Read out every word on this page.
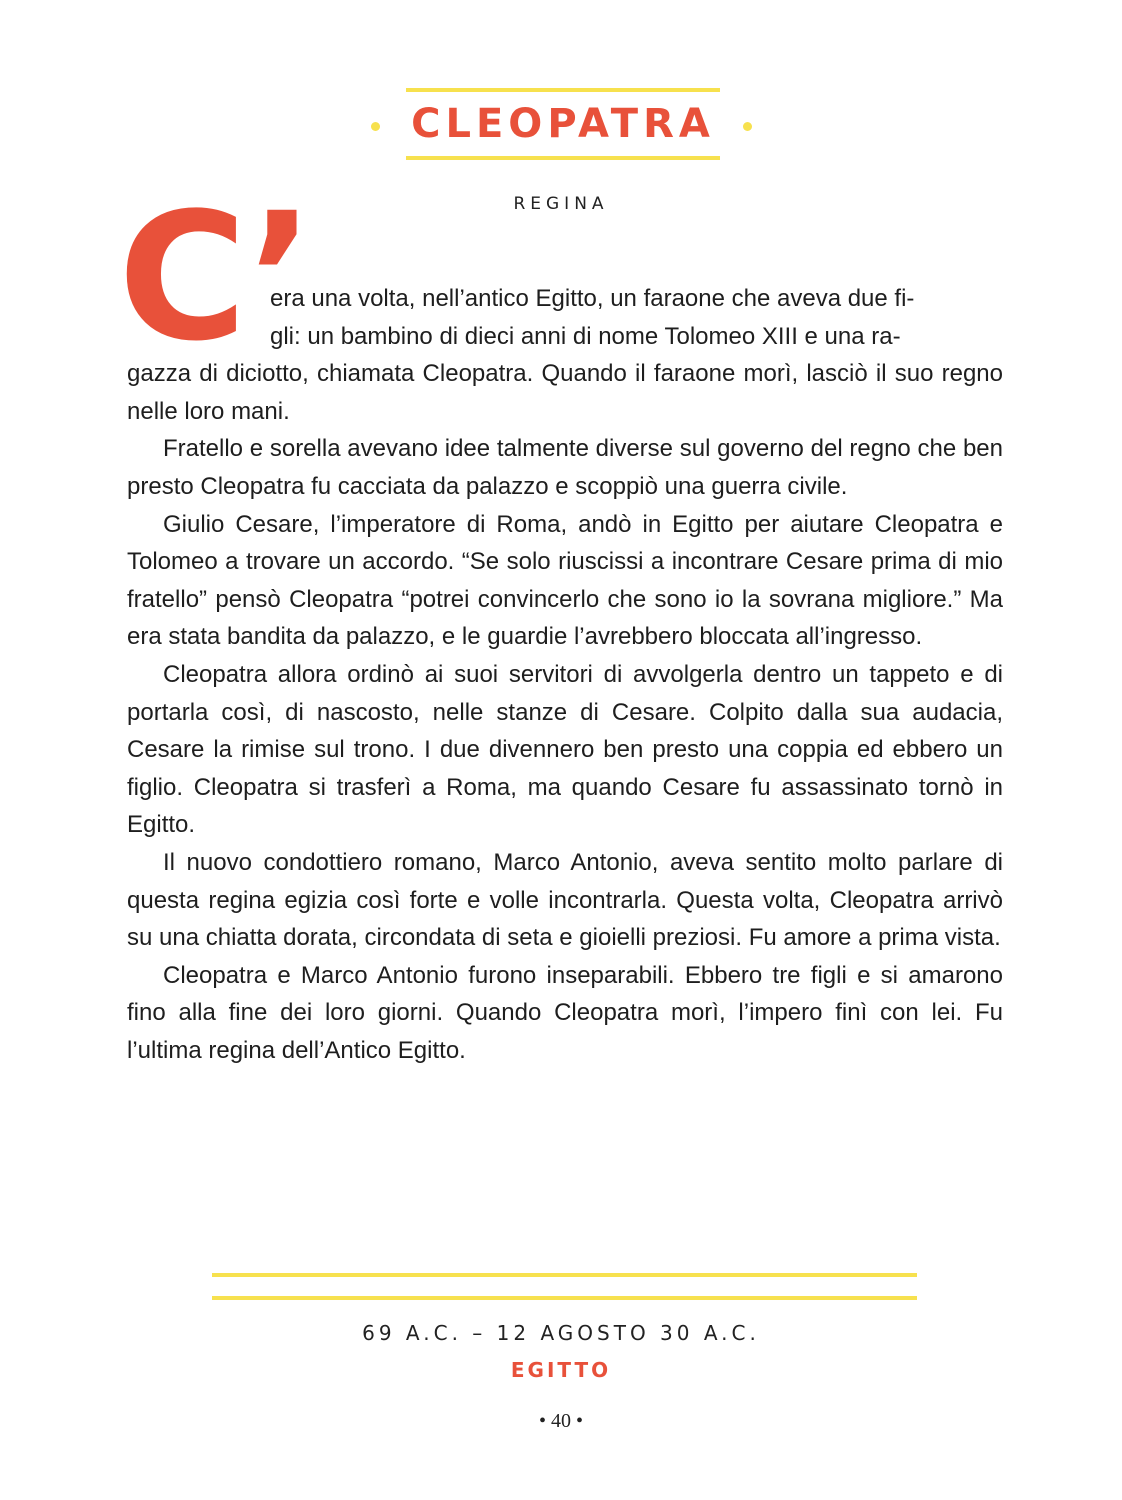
CLEOPATRA
REGINA
C’

era una volta, nell’antico Egitto, un faraone che aveva due fi-
gli: un bambino di dieci anni di nome Tolomeo XIII e una ra-
gazza di diciotto, chiamata Cleopatra. Quando il faraone morì, lasciò il suo regno nelle loro mani.

Fratello e sorella avevano idee talmente diverse sul governo del regno che ben presto Cleopatra fu cacciata da palazzo e scoppiò una guerra civile.

Giulio Cesare, l’imperatore di Roma, andò in Egitto per aiutare Cleopatra e Tolomeo a trovare un accordo. “Se solo riuscissi a incontrare Cesare prima di mio fratello” pensò Cleopatra “potrei convincerlo che sono io la sovrana migliore.” Ma era stata bandita da palazzo, e le guardie l’avrebbero bloccata all’ingresso.

Cleopatra allora ordinò ai suoi servitori di avvolgerla dentro un tappeto e di portarla così, di nascosto, nelle stanze di Cesare. Colpito dalla sua audacia, Cesare la rimise sul trono. I due divennero ben presto una coppia ed ebbero un figlio. Cleopatra si trasferì a Roma, ma quando Cesare fu assassinato tornò in Egitto.

Il nuovo condottiero romano, Marco Antonio, aveva sentito molto parlare di questa regina egizia così forte e volle incontrarla. Questa volta, Cleopatra arrivò su una chiatta dorata, circondata di seta e gioielli preziosi. Fu amore a prima vista.

Cleopatra e Marco Antonio furono inseparabili. Ebbero tre figli e si amarono fino alla fine dei loro giorni. Quando Cleopatra morì, l’impero finì con lei. Fu l’ultima regina dell’Antico Egitto.

69 A.C. – 12 AGOSTO 30 A.C.
EGITTO
• 40 •
